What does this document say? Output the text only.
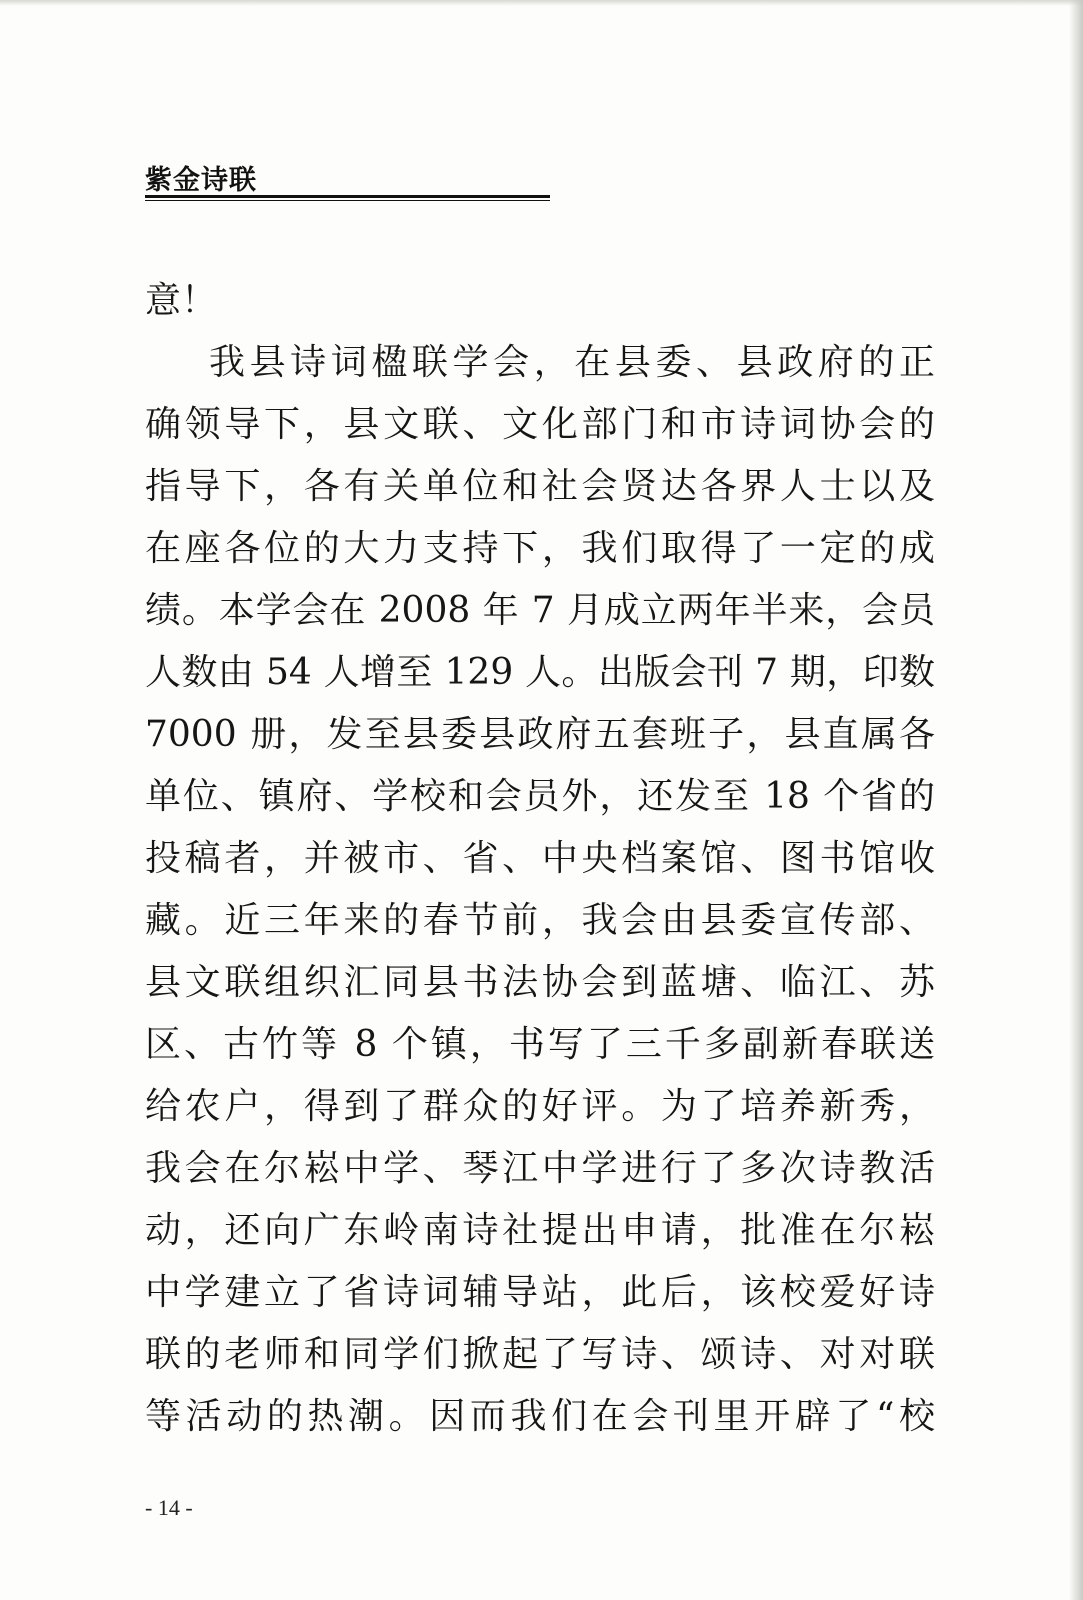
紫金诗联
意！
我县诗词楹联学会，在县委、县政府的正
确领导下，县文联、文化部门和市诗词协会的
指导下，各有关单位和社会贤达各界人士以及
在座各位的大力支持下，我们取得了一定的成
绩。本学会在 2008 年 7 月成立两年半来，会员
人数由 54 人增至 129 人。出版会刊 7 期，印数
7000 册，发至县委县政府五套班子，县直属各
单位、镇府、学校和会员外，还发至 18 个省的
投稿者，并被市、省、中央档案馆、图书馆收
藏。近三年来的春节前，我会由县委宣传部、
县文联组织汇同县书法协会到蓝塘、临江、苏
区、古竹等 8 个镇，书写了三千多副新春联送
给农户，得到了群众的好评。为了培养新秀，
我会在尔崧中学、琴江中学进行了多次诗教活
动，还向广东岭南诗社提出申请，批准在尔崧
中学建立了省诗词辅导站，此后，该校爱好诗
联的老师和同学们掀起了写诗、颂诗、对对联
等活动的热潮。因而我们在会刊里开辟了“校
- 14 -
